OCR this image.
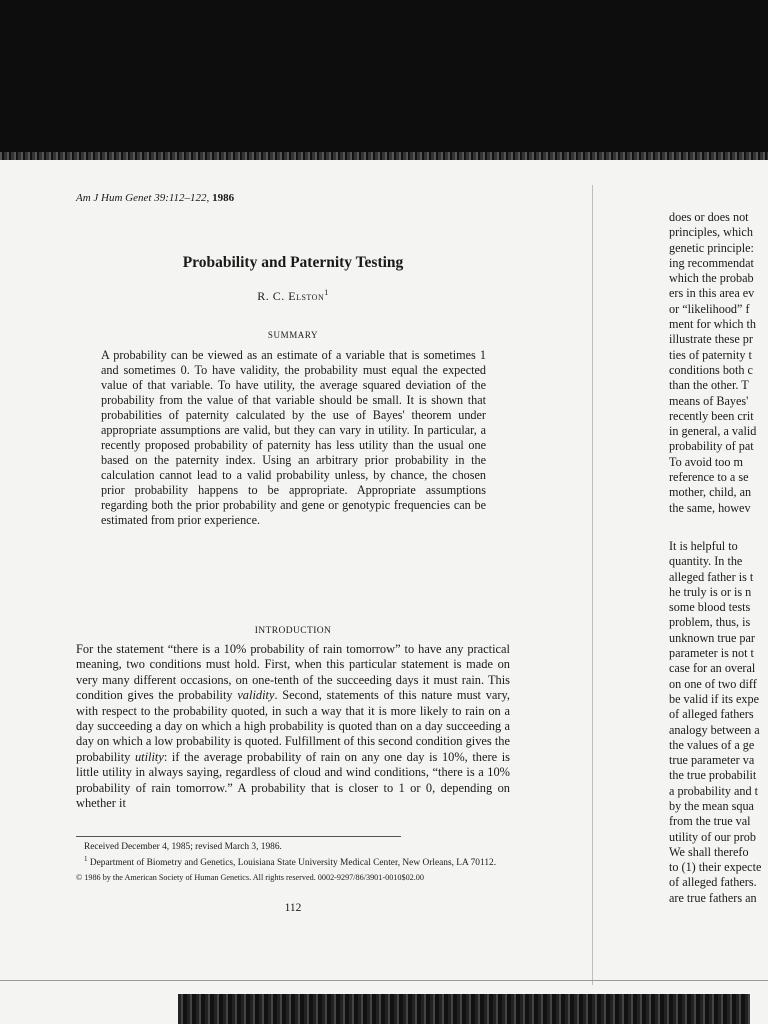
Am J Hum Genet 39:112–122, 1986
Probability and Paternity Testing
R. C. Elston$^1$
SUMMARY

A probability can be viewed as an estimate of a variable that is sometimes 1 and sometimes 0. To have validity, the probability must equal the expected value of that variable. To have utility, the average squared deviation of the probability from the value of that variable should be small. It is shown that probabilities of paternity calculated by the use of Bayes' theorem under appropriate assumptions are valid, but they can vary in utility. In particular, a recently proposed probability of paternity has less utility than the usual one based on the paternity index. Using an arbitrary prior probability in the calculation cannot lead to a valid probability unless, by chance, the chosen prior probability happens to be appropriate. Appropriate assumptions regarding both the prior probability and gene or genotypic frequencies can be estimated from prior experience.

INTRODUCTION

For the statement “there is a 10% probability of rain tomorrow” to have any practical meaning, two conditions must hold. First, when this particular statement is made on very many different occasions, on one-tenth of the succeeding days it must rain. This condition gives the probability validity. Second, statements of this nature must vary, with respect to the probability quoted, in such a way that it is more likely to rain on a day succeeding a day on which a high probability is quoted than on a day succeeding a day on which a low probability is quoted. Fulfillment of this second condition gives the probability utility: if the average probability of rain on any one day is 10%, there is little utility in always saying, regardless of cloud and wind conditions, “there is a 10% probability of rain tomorrow.” A probability that is closer to 1 or 0, depending on whether it

Received December 4, 1985; revised March 3, 1986.

$^1$ Department of Biometry and Genetics, Louisiana State University Medical Center, New Orleans, LA 70112.

© 1986 by the American Society of Human Genetics. All rights reserved. 0002-9297/86/3901-0010$02.00

112
does or does not
principles, which
genetic principle:
ing recommendat
which the probab
ers in this area ev
or “likelihood” f
ment for which th
illustrate these pr
ties of paternity t
conditions both c
than the other. T
means of Bayes'
recently been crit
in general, a valid
probability of pat
To avoid too m
reference to a se
mother, child, an
the same, howev
It is helpful to
quantity. In the
alleged father is t
he truly is or is n
some blood tests
problem, thus, is
unknown true par
parameter is not t
case for an overal
on one of two diff
be valid if its expe
of alleged fathers
analogy between a
the values of a ge
true parameter va
the true probabilit
a probability and t
by the mean squa
from the true val
utility of our prob
We shall therefo
to (1) their expecte
of alleged fathers.
are true fathers an
